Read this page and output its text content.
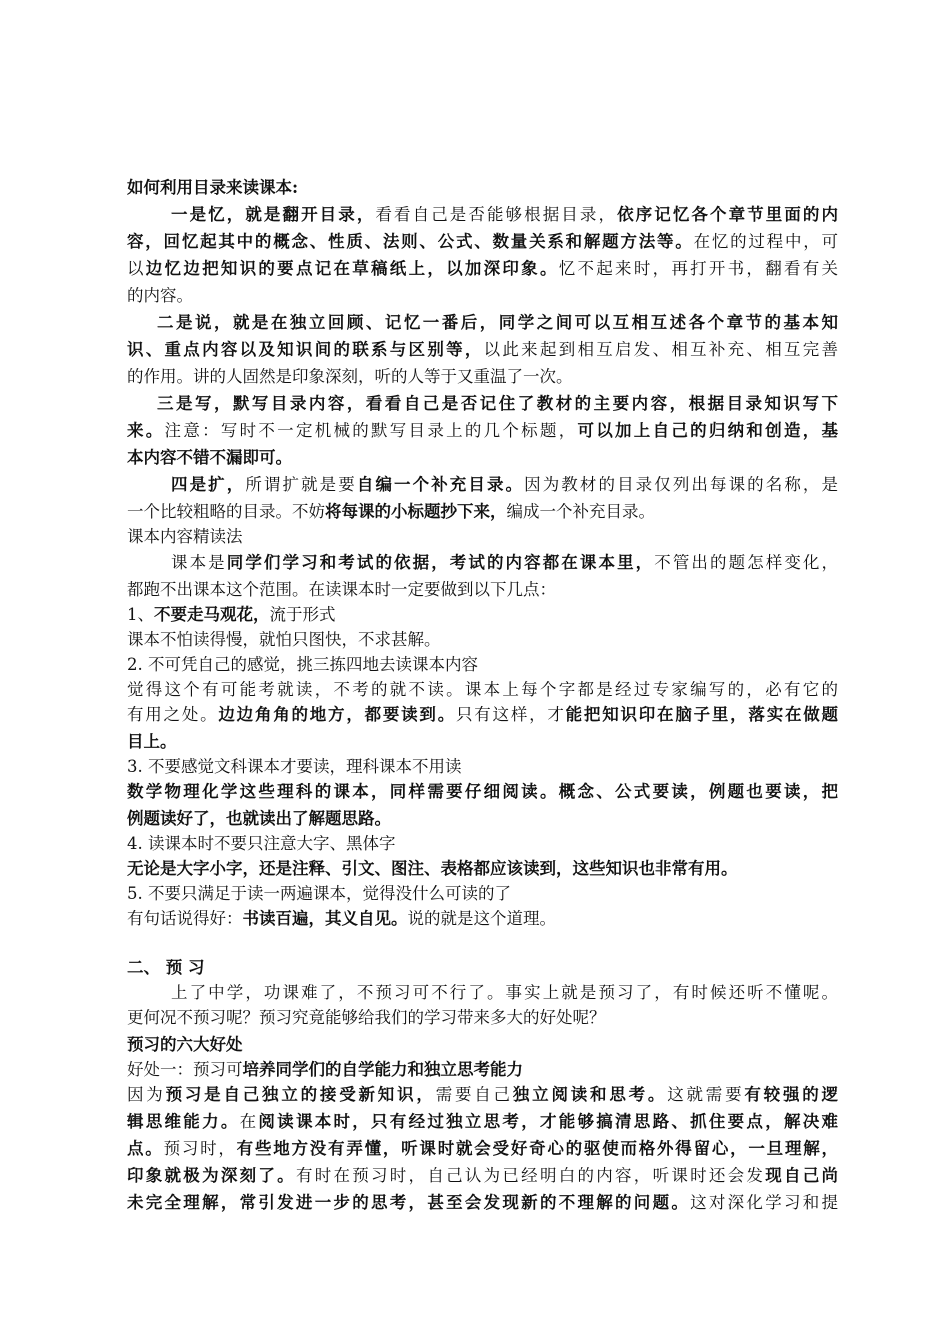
如何利用目录来读课本:
一是忆，就是翻开目录，看看自己是否能够根据目录，依序记忆各个章节里面的内
容，回忆起其中的概念、性质、法则、公式、数量关系和解题方法等。在忆的过程中，可
以边忆边把知识的要点记在草稿纸上，以加深印象。忆不起来时，再打开书，翻看有关
的内容。
二是说，就是在独立回顾、记忆一番后，同学之间可以互相互述各个章节的基本知
识、重点内容以及知识间的联系与区别等，以此来起到相互启发、相互补充、相互完善
的作用。讲的人固然是印象深刻，听的人等于又重温了一次。
三是写，默写目录内容，看看自己是否记住了教材的主要内容，根据目录知识写下
来。注意：写时不一定机械的默写目录上的几个标题，可以加上自己的归纳和创造，基
本内容不错不漏即可。
四是扩，所谓扩就是要自编一个补充目录。因为教材的目录仅列出每课的名称，是
一个比较粗略的目录。不妨将每课的小标题抄下来，编成一个补充目录。
课本内容精读法
课本是同学们学习和考试的依据，考试的内容都在课本里，不管出的题怎样变化，
都跑不出课本这个范围。在读课本时一定要做到以下几点：
1、不要走马观花，流于形式
课本不怕读得慢，就怕只图快，不求甚解。
2. 不可凭自己的感觉，挑三拣四地去读课本内容
觉得这个有可能考就读，不考的就不读。课本上每个字都是经过专家编写的，必有它的
有用之处。边边角角的地方，都要读到。只有这样，才能把知识印在脑子里，落实在做题
目上。
3. 不要感觉文科课本才要读，理科课本不用读
数学物理化学这些理科的课本，同样需要仔细阅读。概念、公式要读，例题也要读，把
例题读好了，也就读出了解题思路。
4. 读课本时不要只注意大字、黑体字
无论是大字小字，还是注释、引文、图注、表格都应该读到，这些知识也非常有用。
5. 不要只满足于读一两遍课本，觉得没什么可读的了
有句话说得好：书读百遍，其义自见。说的就是这个道理。
二、 预 习
上了中学，功课难了，不预习可不行了。事实上就是预习了，有时候还听不懂呢。
更何况不预习呢？预习究竟能够给我们的学习带来多大的好处呢？
预习的六大好处
好处一：预习可培养同学们的自学能力和独立思考能力
因为预习是自己独立的接受新知识，需要自己独立阅读和思考。这就需要有较强的逻
辑思维能力。在阅读课本时，只有经过独立思考，才能够搞清思路、抓住要点，解决难
点。预习时，有些地方没有弄懂，听课时就会受好奇心的驱使而格外得留心，一旦理解，
印象就极为深刻了。有时在预习时，自己认为已经明白的内容，听课时还会发现自己尚
未完全理解，常引发进一步的思考，甚至会发现新的不理解的问题。这对深化学习和提
